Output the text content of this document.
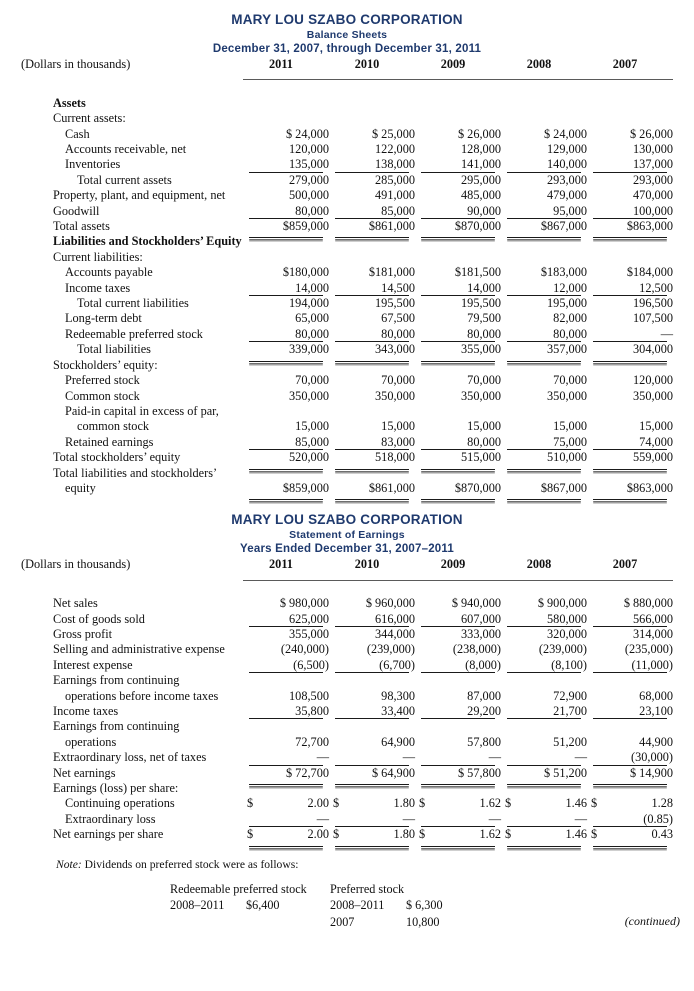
MARY LOU SZABO CORPORATION
Balance Sheets
December 31, 2007, through December 31, 2011
(Dollars in thousands)	2011	2010	2009	2008	2007

Assets					
Current assets:					
Cash	$ 24,000	$ 25,000	$ 26,000	$ 24,000	$ 26,000
Accounts receivable, net	120,000	122,000	128,000	129,000	130,000
Inventories	135,000	138,000	141,000	140,000	137,000
Total current assets	279,000	285,000	295,000	293,000	293,000
Property, plant, and equipment, net	500,000	491,000	485,000	479,000	470,000
Goodwill	80,000	85,000	90,000	95,000	100,000
Total assets	$859,000	$861,000	$870,000	$867,000	$863,000
Liabilities and Stockholders’ Equity					
Current liabilities:					
Accounts payable	$180,000	$181,000	$181,500	$183,000	$184,000
Income taxes	14,000	14,500	14,000	12,000	12,500
Total current liabilities	194,000	195,500	195,500	195,000	196,500
Long-term debt	65,000	67,500	79,500	82,000	107,500
Redeemable preferred stock	80,000	80,000	80,000	80,000	—
Total liabilities	339,000	343,000	355,000	357,000	304,000
Stockholders’ equity:					
Preferred stock	70,000	70,000	70,000	70,000	120,000
Common stock	350,000	350,000	350,000	350,000	350,000
Paid-in capital in excess of par,					
common stock	15,000	15,000	15,000	15,000	15,000
Retained earnings	85,000	83,000	80,000	75,000	74,000
Total stockholders’ equity	520,000	518,000	515,000	510,000	559,000
Total liabilities and stockholders’					
equity	$859,000	$861,000	$870,000	$867,000	$863,000
MARY LOU SZABO CORPORATION
Statement of Earnings
Years Ended December 31, 2007–2011
(Dollars in thousands)	2011	2010	2009	2008	2007

Net sales	$ 980,000	$ 960,000	$ 940,000	$ 900,000	$ 880,000
Cost of goods sold	625,000	616,000	607,000	580,000	566,000
Gross profit	355,000	344,000	333,000	320,000	314,000
Selling and administrative expense	(240,000)	(239,000)	(238,000)	(239,000)	(235,000)
Interest expense	(6,500)	(6,700)	(8,000)	(8,100)	(11,000)
Earnings from continuing					
operations before income taxes	108,500	98,300	87,000	72,900	68,000
Income taxes	35,800	33,400	29,200	21,700	23,100
Earnings from continuing					
operations	72,700	64,900	57,800	51,200	44,900
Extraordinary loss, net of taxes	—	—	—	—	(30,000)
Net earnings	$ 72,700	$ 64,900	$ 57,800	$ 51,200	$ 14,900
Earnings (loss) per share:					
Continuing operations	$ 2.00	$ 1.80	$ 1.62	$ 1.46	$ 1.28
Extraordinary loss	—	—	—	—	(0.85)
Net earnings per share	$ 2.00	$ 1.80	$ 1.62	$ 1.46	$ 0.43
Note: Dividends on preferred stock were as follows:
Redeemable preferred stock		Preferred stock	
2008–2011	$6,400	2008–2011	$ 6,300
		2007	10,800	(continued)
